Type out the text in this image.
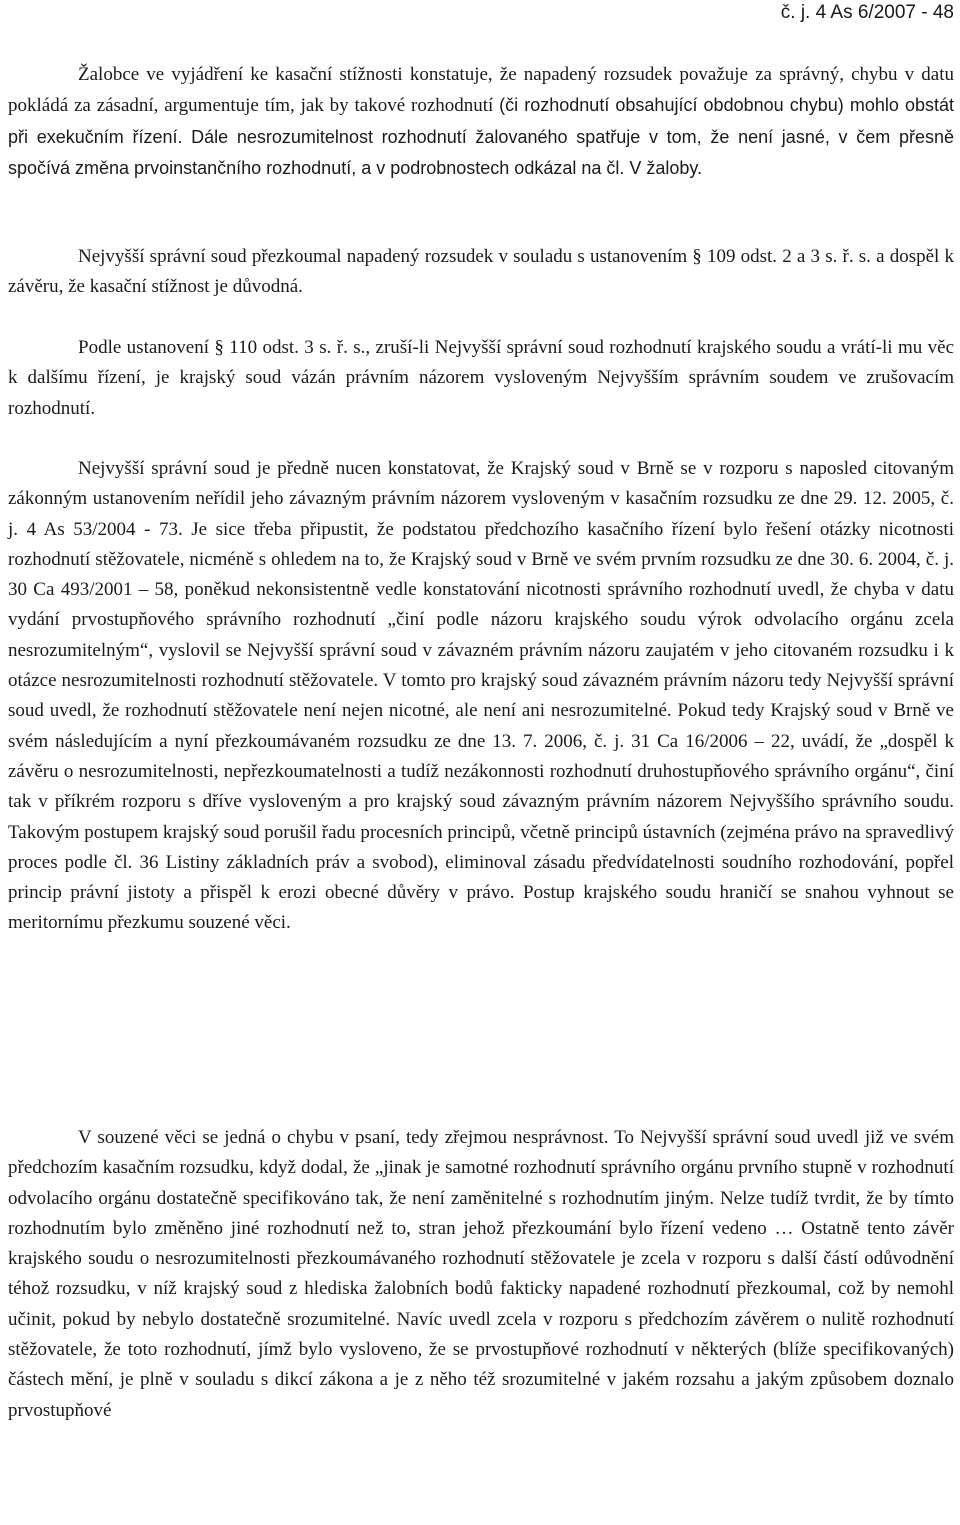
č. j. 4 As 6/2007 - 48

Žalobce ve vyjádření ke kasační stížnosti konstatuje, že napadený rozsudek považuje za správný, chybu v datu pokládá za zásadní, argumentuje tím, jak by takové rozhodnutí (či rozhodnutí obsahující obdobnou chybu) mohlo obstát při exekučním řízení. Dále nesrozumitelnost rozhodnutí žalovaného spatřuje v tom, že není jasné, v čem přesně spočívá změna prvoinstančního rozhodnutí, a v podrobnostech odkázal na čl. V žaloby.

Nejvyšší správní soud přezkoumal napadený rozsudek v souladu s ustanovením § 109 odst. 2 a 3 s. ř. s. a dospěl k závěru, že kasační stížnost je důvodná.

Podle ustanovení § 110 odst. 3 s. ř. s., zruší-li Nejvyšší správní soud rozhodnutí krajského soudu a vrátí-li mu věc k dalšímu řízení, je krajský soud vázán právním názorem vysloveným Nejvyšším správním soudem ve zrušovacím rozhodnutí.

Nejvyšší správní soud je předně nucen konstatovat, že Krajský soud v Brně se v rozporu s naposled citovaným zákonným ustanovením neřídil jeho závazným právním názorem vysloveným v kasačním rozsudku ze dne 29. 12. 2005, č. j. 4 As 53/2004 - 73. Je sice třeba připustit, že podstatou předchozího kasačního řízení bylo řešení otázky nicotnosti rozhodnutí stěžovatele, nicméně s ohledem na to, že Krajský soud v Brně ve svém prvním rozsudku ze dne 30. 6. 2004, č. j. 30 Ca 493/2001 – 58, poněkud nekonsistentně vedle konstatování nicotnosti správního rozhodnutí uvedl, že chyba v datu vydání prvostupňového správního rozhodnutí „činí podle názoru krajského soudu výrok odvolacího orgánu zcela nesrozumitelným“, vyslovil se Nejvyšší správní soud v závazném právním názoru zaujatém v jeho citovaném rozsudku i k otázce nesrozumitelnosti rozhodnutí stěžovatele. V tomto pro krajský soud závazném právním názoru tedy Nejvyšší správní soud uvedl, že rozhodnutí stěžovatele není nejen nicotné, ale není ani nesrozumitelné. Pokud tedy Krajský soud v Brně ve svém následujícím a nyní přezkoumávaném rozsudku ze dne 13. 7. 2006, č. j. 31 Ca 16/2006 – 22, uvádí, že „dospěl k závěru o nesrozumitelnosti, nepřezkoumatelnosti a tudíž nezákonnosti rozhodnutí druhostupňového správního orgánu“, činí tak v příkrém rozporu s dříve vysloveným a pro krajský soud závazným právním názorem Nejvyššího správního soudu. Takovým postupem krajský soud porušil řadu procesních principů, včetně principů ústavních (zejména právo na spravedlivý proces podle čl. 36 Listiny základních práv a svobod), eliminoval zásadu předvídatelnosti soudního rozhodování, popřel princip právní jistoty a přispěl k erozi obecné důvěry v právo. Postup krajského soudu hraničí se snahou vyhnout se meritornímu přezkumu souzené věci.

V souzené věci se jedná o chybu v psaní, tedy zřejmou nesprávnost. To Nejvyšší správní soud uvedl již ve svém předchozím kasačním rozsudku, když dodal, že „jinak je samotné rozhodnutí správního orgánu prvního stupně v rozhodnutí odvolacího orgánu dostatečně specifikováno tak, že není zaměnitelné s rozhodnutím jiným. Nelze tudíž tvrdit, že by tímto rozhodnutím bylo změněno jiné rozhodnutí než to, stran jehož přezkoumání bylo řízení vedeno … Ostatně tento závěr krajského soudu o nesrozumitelnosti přezkoumávaného rozhodnutí stěžovatele je zcela v rozporu s další částí odůvodnění téhož rozsudku, v níž krajský soud z hlediska žalobních bodů fakticky napadené rozhodnutí přezkoumal, což by nemohl učinit, pokud by nebylo dostatečně srozumitelné. Navíc uvedl zcela v rozporu s předchozím závěrem o nulitě rozhodnutí stěžovatele, že toto rozhodnutí, jímž bylo vysloveno, že se prvostupňové rozhodnutí v některých (blíže specifikovaných) částech mění, je plně v souladu s dikcí zákona a je z něho též srozumitelné v jakém rozsahu a jakým způsobem doznalo prvostupňové
